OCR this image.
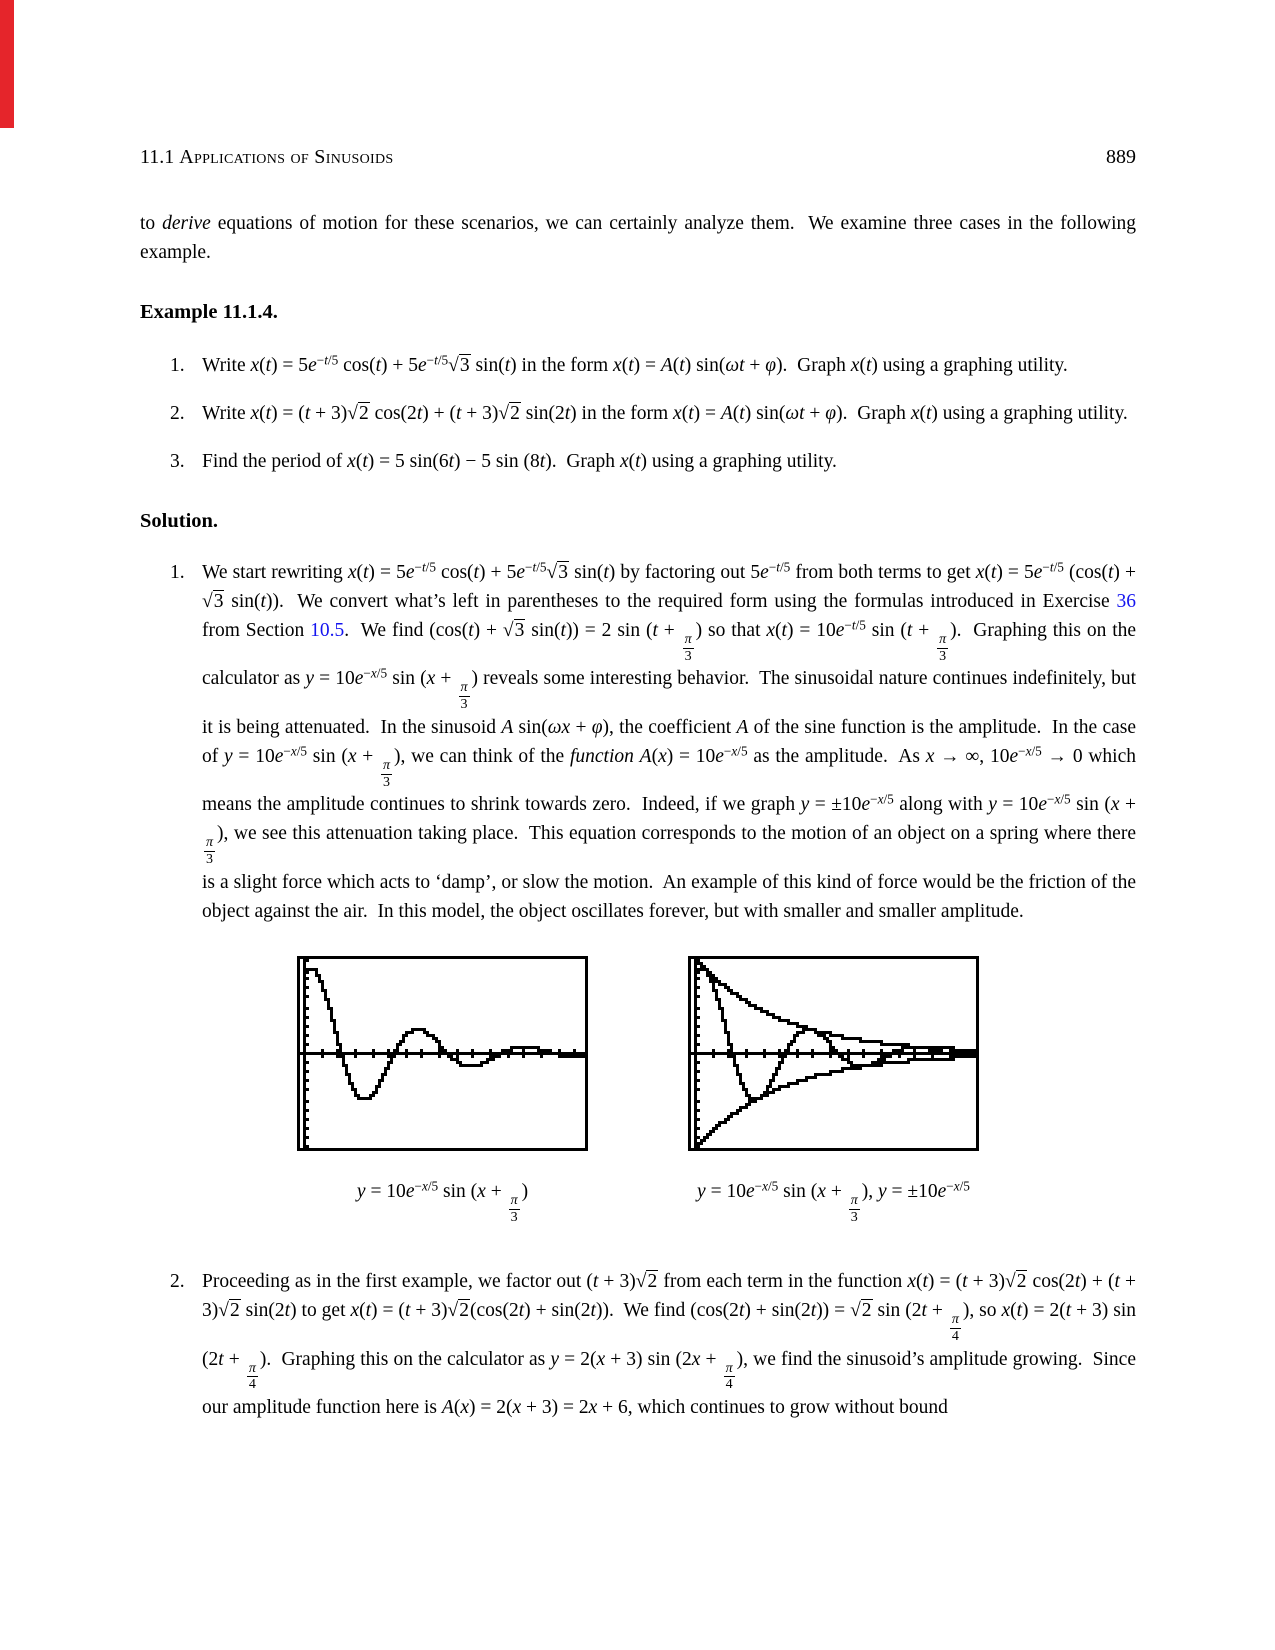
11.1 Applications of Sinusoids	889

to derive equations of motion for these scenarios, we can certainly analyze them.  We examine three cases in the following example.

Example 11.1.4.
1. Write $x(t) = 5e^{-t/5}$ $\cos(t) + 5e^{-t/5}√3$ sin(t) in the form x(t) = A(t) sin(ωt + φ).  Graph x(t) using a graphing utility.
2. Write x(t) = (t + 3)√2 cos(2t) + (t + 3)√2 sin(2t) in the form x(t) = A(t) sin(ωt + φ).  Graph x(t) using a graphing utility.
3. Find the period of x(t) = 5 sin(6t) − 5 sin (8t).  Graph x(t) using a graphing utility.
Solution.
1. We start rewriting $x(t) = 5e^{-t/5}$ $\cos(t) + 5e^{-t/5}√3$ sin(t) by factoring out $5e^{-t/5}$ from both terms to get $x(t) = 5e^{-t/5}$ (cos(t) + √3 sin(t)).  We convert what’s left in parentheses to the required form using the formulas introduced in Exercise 36 from Section 10.5.  We find (cos(t) + √3 sin(t)) = 2 sin (t +
$\frac{\pi}{3}$
) so that $x(t) = 10e^{-t/5}$ sin (t +
$\frac{\pi}{3}$
).  Graphing this on the calculator as $y = 10e^{-x/5}$ sin (x +
$\frac{\pi}{3}$
) reveals some interesting behavior.  The sinusoidal nature continues indefinitely, but it is being attenuated.  In the sinusoid A sin(ωx + φ), the coefficient A of the sine function is the amplitude.  In the case of $y = 10e^{-x/5}$ sin (x +
$\frac{\pi}{3}$
), we can think of the function $A(x) = 10e^{-x/5}$ as the amplitude.  As x → ∞, $10e^{-x/5} \to 0$ which means the amplitude continues to shrink towards zero.  Indeed, if we graph $y = \pm 10e^{-x/5}$ along with $y = 10e^{-x/5}$ sin (x +
$\frac{\pi}{3}$
), we see this attenuation taking place.  This equation corresponds to the motion of an object on a spring where there is a slight force which acts to ‘damp’, or slow the motion.  An example of this kind of force would be the friction of the object against the air.  In this model, the object oscillates forever, but with smaller and smaller amplitude.
$y = 10e^{-x/5}$ sin (x +
$\frac{\pi}{3}$
)	$y = 10e^{-x/5}$ sin (x +
$\frac{\pi}{3}$
), $y = \pm 10e^{-x/5}$
2. Proceeding as in the first example, we factor out (t + 3)√2 from each term in the function x(t) = (t + 3)√2 cos(2t) + (t + 3)√2 sin(2t) to get x(t) = (t + 3)√2(cos(2t) + sin(2t)).  We find (cos(2t) + sin(2t)) = √2 sin (2t +
$\frac{\pi}{4}$
), so x(t) = 2(t + 3) sin (2t +
$\frac{\pi}{4}$
).  Graphing this on the calculator as y = 2(x + 3) sin (2x +
$\frac{\pi}{4}$
), we find the sinusoid’s amplitude growing.  Since our amplitude function here is A(x) = 2(x + 3) = 2x + 6, which continues to grow without bound
